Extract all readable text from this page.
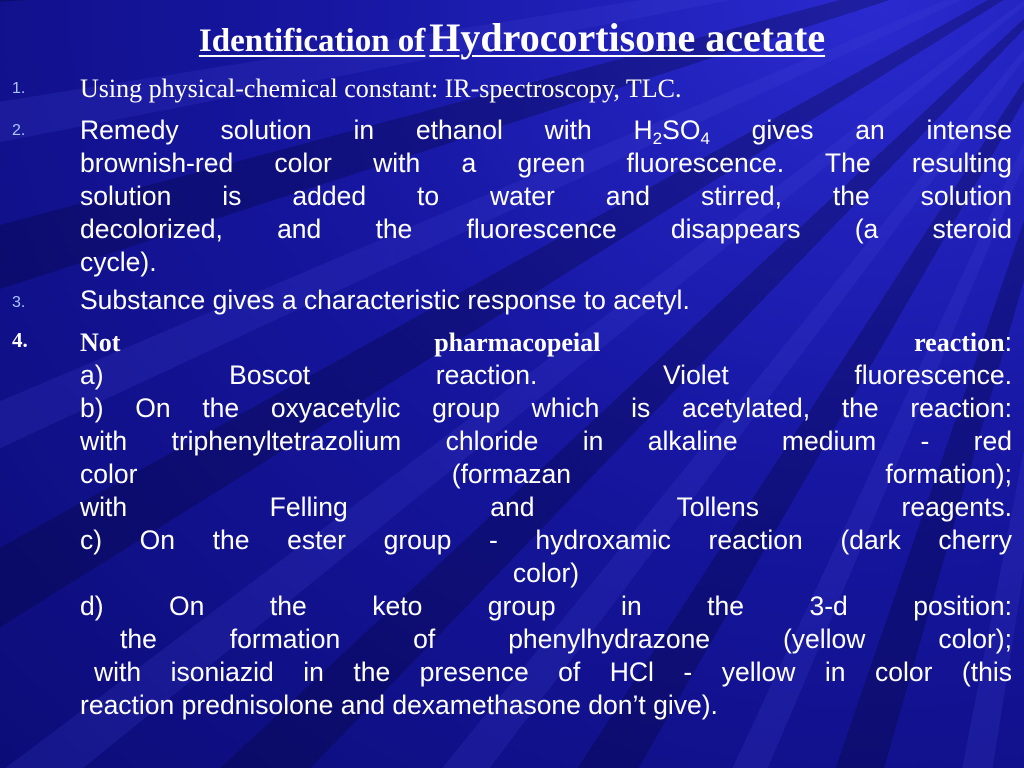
Identification of Hydrocortisone acetate
1. Using physical-chemical constant: IR-spectroscopy, TLC.
2. Remedy solution in ethanol with $H_2SO_4$ gives an intense
brownish-red color with a green fluorescence. The resulting
solution is added to water and stirred, the solution
decolorized, and the fluorescence disappears (a steroid
cycle).
3. Substance gives a characteristic response to acetyl.
4. Not	pharmacopeial	reaction:
a) Boscot reaction. Violet fluorescence.
b) On the oxyacetylic group which is acetylated, the reaction:
with triphenyltetrazolium chloride in alkaline medium - red
color (formazan formation);
with Felling and Tollens reagents.
c) On the ester group - hydroxamic reaction (dark cherry
color)
d) On the keto group in the 3-d position:
the formation of phenylhydrazone (yellow color);
with isoniazid in the presence of HCl - yellow in color (this
reaction prednisolone and dexamethasone don’t give).
